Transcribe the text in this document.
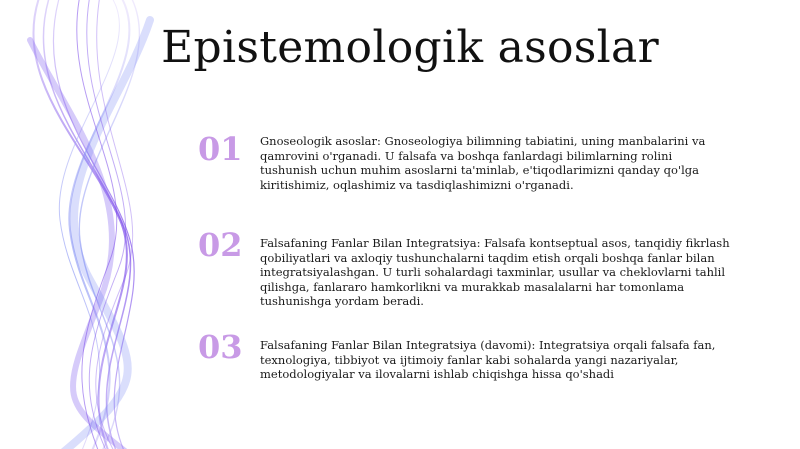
Epistemologik asoslar
01	Gnoseologik asoslar: Gnoseologiya bilimning tabiatini, uning manbalarini va qamrovini o'rganadi. U falsafa va boshqa fanlardagi bilimlarning rolini tushunish uchun muhim asoslarni ta'minlab, e'tiqodlarimizni qanday qo'lga kiritishimiz, oqlashimiz va tasdiqlashimizni o'rganadi.
02	Falsafaning Fanlar Bilan Integratsiya: Falsafa kontseptual asos, tanqidiy fikrlash qobiliyatlari va axloqiy tushunchalarni taqdim etish orqali boshqa fanlar bilan integratsiyalashgan. U turli sohalardagi taxminlar, usullar va cheklovlarni tahlil qilishga, fanlararo hamkorlikni va murakkab masalalarni har tomonlama tushunishga yordam beradi.
03	Falsafaning Fanlar Bilan Integratsiya (davomi): Integratsiya orqali falsafa fan, texnologiya, tibbiyot va ijtimoiy fanlar kabi sohalarda yangi nazariyalar, metodologiyalar va ilovalarni ishlab chiqishga hissa qo'shadi
